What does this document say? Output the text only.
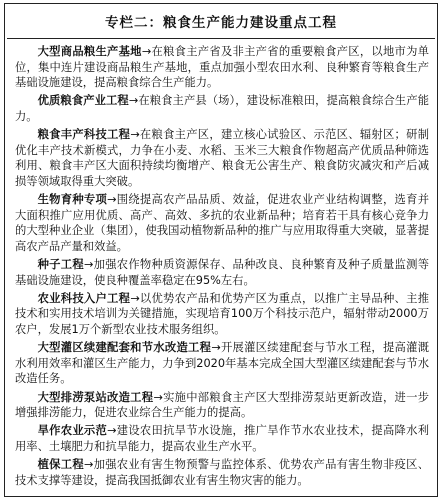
专栏二：粮食生产能力建设重点工程

大型商品粮生产基地→在粮食主产省及非主产省的重要粮食产区，以地市为单位，集中连片建设商品粮生产基地，重点加强小型农田水利、良种繁育等粮食生产基础设施建设，提高粮食综合生产能力。

优质粮食产业工程→在粮食主产县（场），建设标准粮田，提高粮食综合生产能力。

粮食丰产科技工程→在粮食主产区，建立核心试验区、示范区、辐射区；研制优化丰产技术新模式，力争在小麦、水稻、玉米三大粮食作物超高产优质品种筛选利用、粮食丰产区大面积持续均衡增产、粮食无公害生产、粮食防灾减灾和产后减损等领域取得重大突破。

生物育种专项→围绕提高农产品品质、效益，促进农业产业结构调整，选育并大面积推广应用优质、高产、高效、多抗的农业新品种；培育若干具有核心竞争力的大型种业企业（集团），使我国动植物新品种的推广与应用取得重大突破，显著提高农产品产量和效益。

种子工程→加强农作物种质资源保存、品种改良、良种繁育及种子质量监测等基础设施建设，使良种覆盖率稳定在95%左右。

农业科技入户工程→以优势农产品和优势产区为重点，以推广主导品种、主推技术和实用技术培训为关键措施，实现培育100万个科技示范户，辐射带动2000万农户，发展1万个新型农业技术服务组织。

大型灌区续建配套和节水改造工程→开展灌区续建配套与节水工程，提高灌溉水利用效率和灌区生产能力，力争到2020年基本完成全国大型灌区续建配套与节水改造任务。

大型排涝泵站改造工程→实施中部粮食主产区大型排涝泵站更新改造，进一步增强排涝能力，促进农业综合生产能力的提高。

旱作农业示范→建设农田抗旱节水设施，推广旱作节水农业技术，提高降水利用率、土壤肥力和抗旱能力，提高农业生产水平。

植保工程→加强农业有害生物预警与监控体系、优势农产品有害生物非疫区、技术支撑等建设，提高我国抵御农业有害生物灾害的能力。
